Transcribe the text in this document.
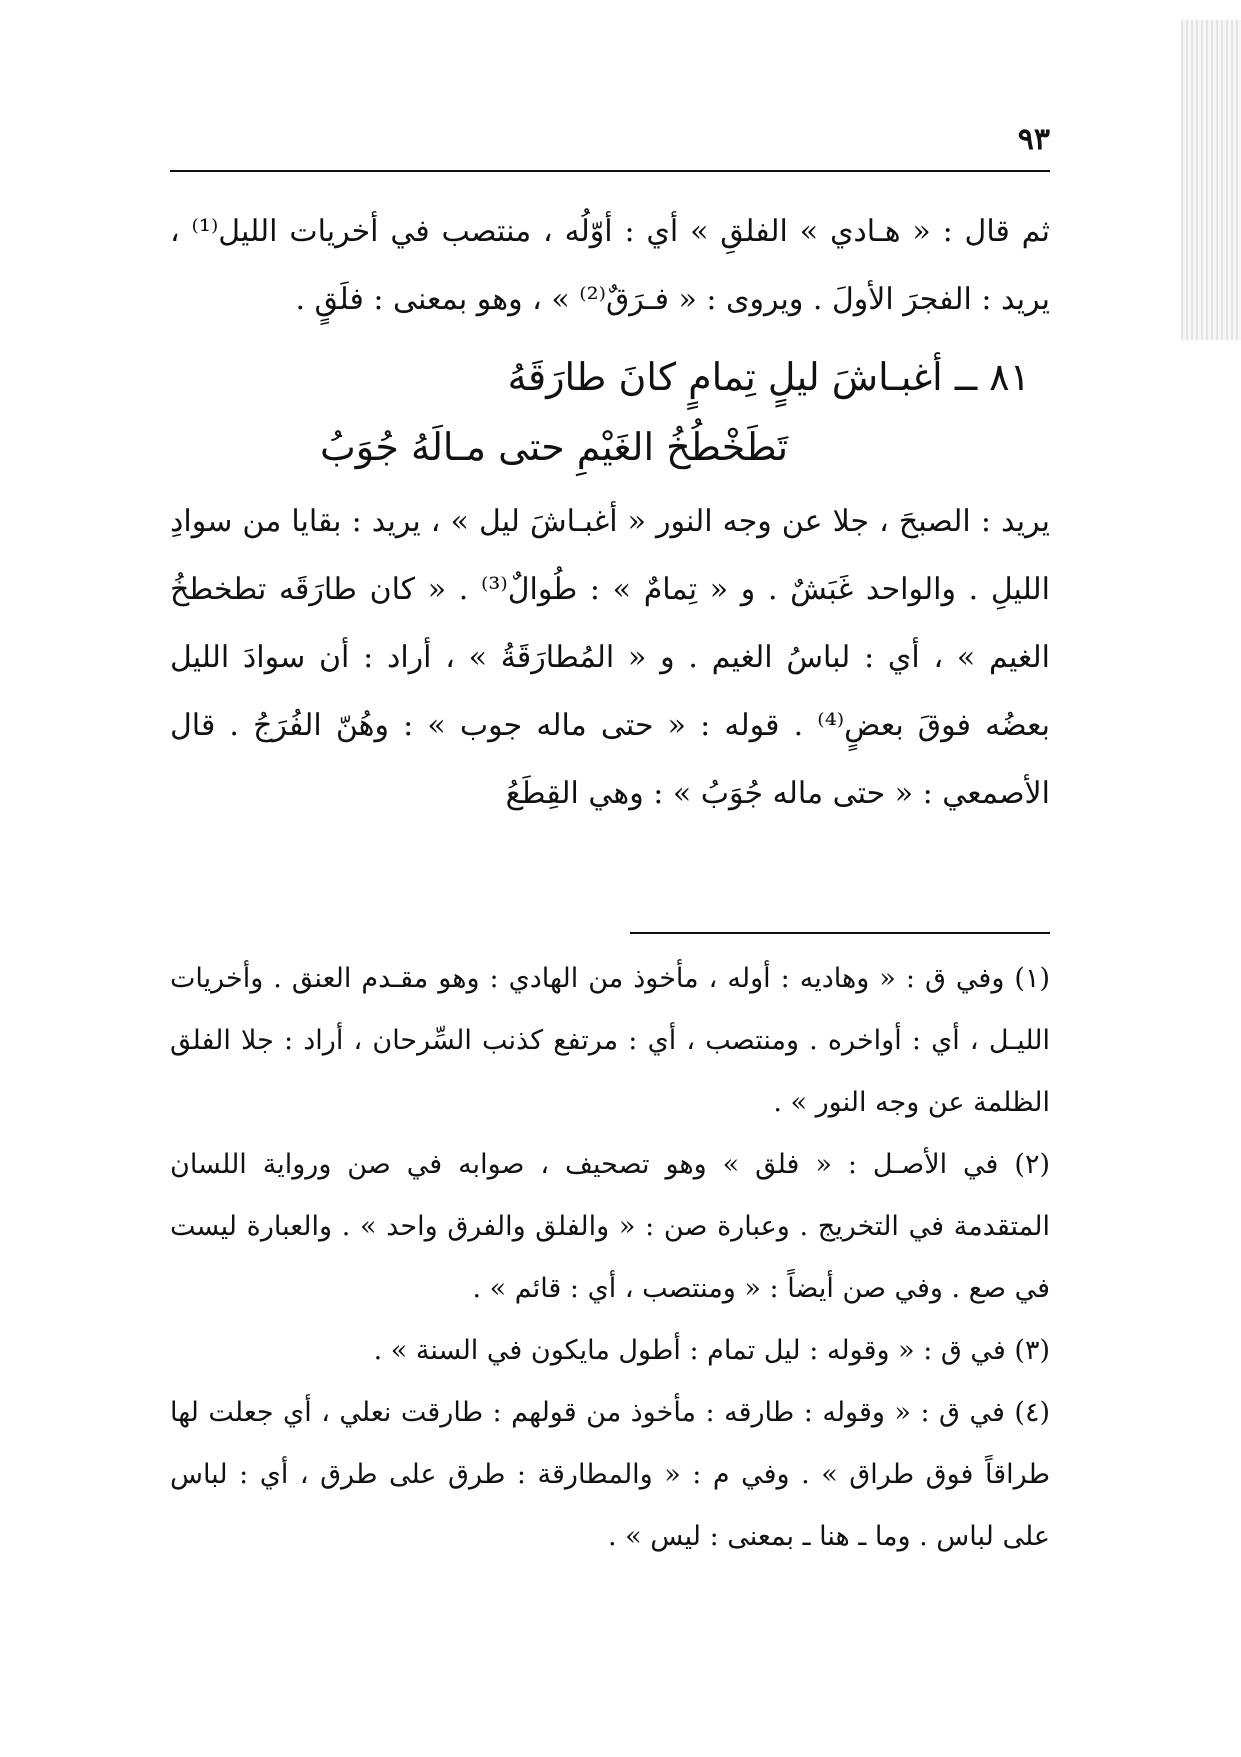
٩٣

ثم قال : « هـادي » الفلقِ » أي : أوّلُه ، منتصب في أخريات الليل⁽¹⁾ ، يريد : الفجرَ الأولَ . ويروى : « فـرَقٌ⁽²⁾ » ، وهو بمعنى : فلَقٍ .

٨١ ــ أغبـاشَ ليلٍ تِمامٍ كانَ طارَقَهُ
تَطَخْطُخُ الغَيْمِ حتى مـالَهُ جُوَبُ

يريد : الصبحَ ، جلا عن وجه النور « أغبـاشَ ليل » ، يريد : بقايا من سوادِ الليلِ . والواحد غَبَشٌ . و « تِمامٌ » : طُوالٌ⁽³⁾ . « كان طارَقَه تطخطخُ الغيم » ، أي : لباسُ الغيم . و « المُطارَقَةُ » ، أراد : أن سوادَ الليل بعضُه فوقَ بعضٍ⁽⁴⁾ . قوله : « حتى ماله جوب » : وهُنّ الفُرَجُ . قال الأصمعي : « حتى ماله جُوَبُ » : وهي القِطَعُ

(١) وفي ق : « وهاديه : أوله ، مأخوذ من الهادي : وهو مقـدم العنق . وأخريات الليـل ، أي : أواخره . ومنتصب ، أي : مرتفع كذنب السِّرحان ، أراد : جلا الفلق الظلمة عن وجه النور » .

(٢) في الأصـل : « فلق » وهو تصحيف ، صوابه في صن ورواية اللسان المتقدمة في التخريج . وعبارة صن : « والفلق والفرق واحد » . والعبارة ليست في صع . وفي صن أيضاً : « ومنتصب ، أي : قائم » .

(٣) في ق : « وقوله : ليل تمام : أطول مايكون في السنة » .

(٤) في ق : « وقوله : طارقه : مأخوذ من قولهم : طارقت نعلي ، أي جعلت لها طراقاً فوق طراق » . وفي م : « والمطارقة : طرق على طرق ، أي : لباس على لباس . وما ـ هنا ـ بمعنى : ليس » .
